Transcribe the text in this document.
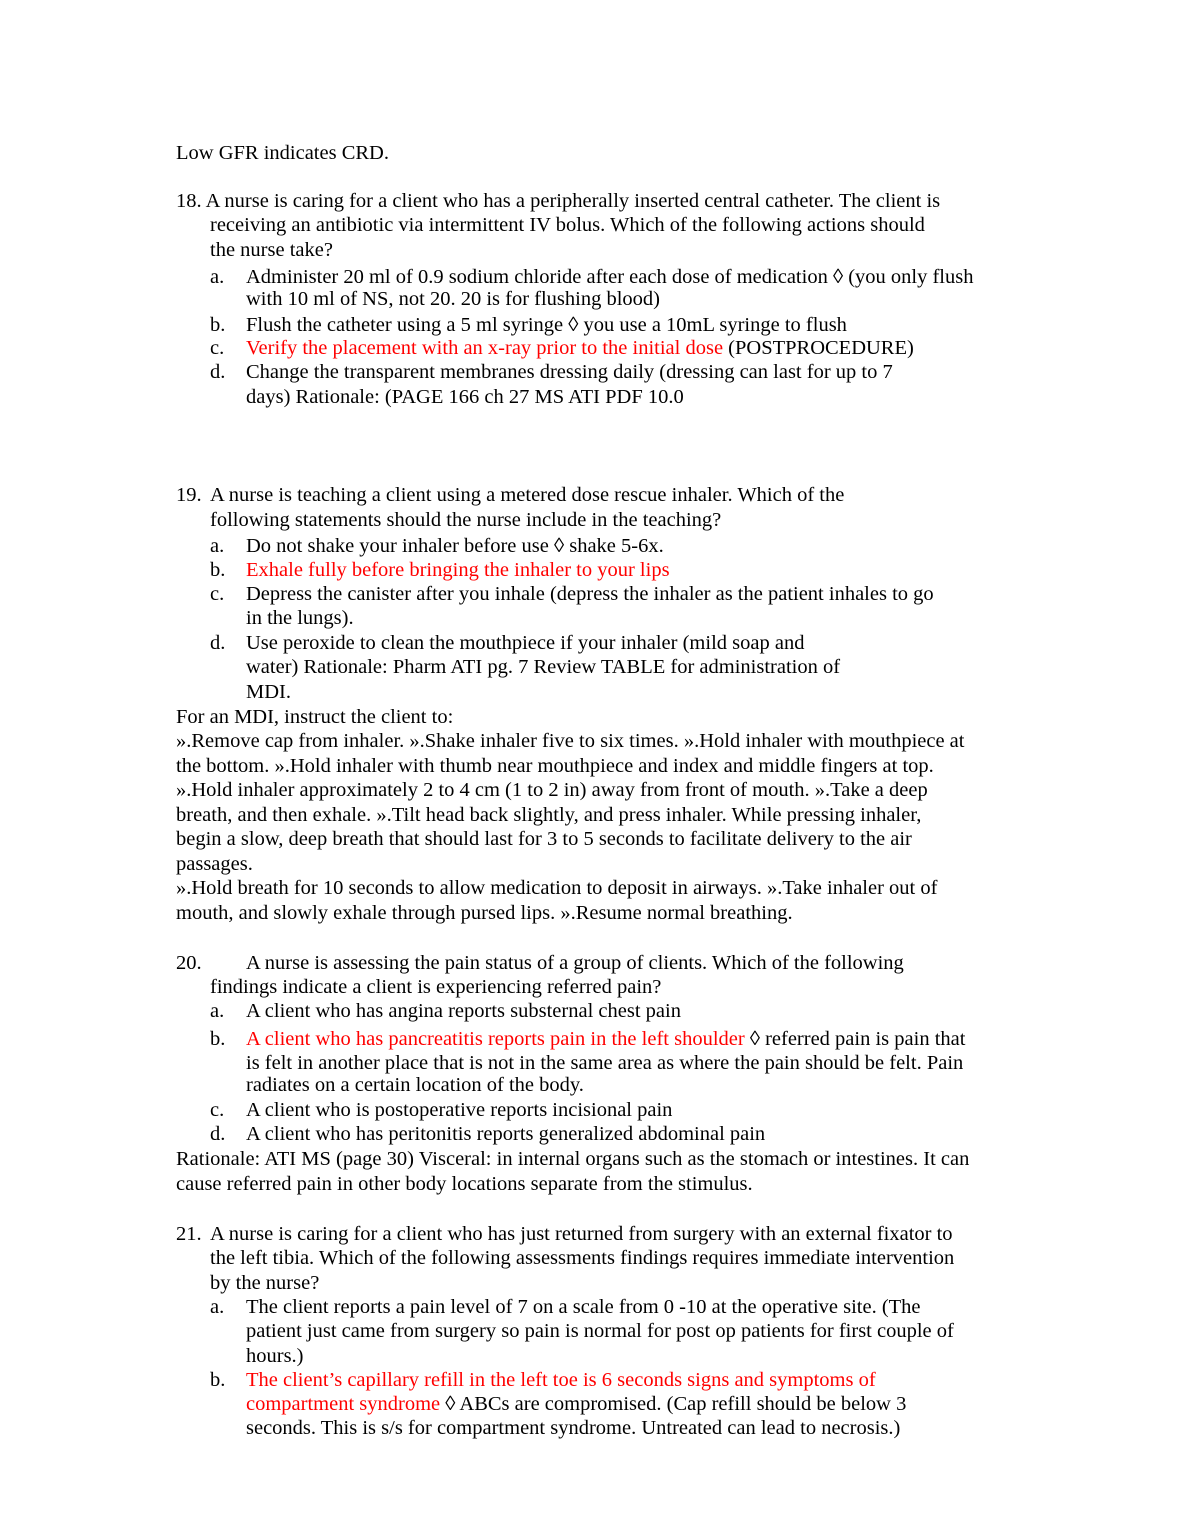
Low GFR indicates CRD.
18. A nurse is caring for a client who has a peripherally inserted central catheter. The client is
receiving an antibiotic via intermittent IV bolus. Which of the following actions should
the nurse take?
a. Administer 20 ml of 0.9 sodium chloride after each dose of medication ◊ (you only flush
with 10 ml of NS, not 20. 20 is for flushing blood)
b. Flush the catheter using a 5 ml syringe ◊ you use a 10mL syringe to flush
c. Verify the placement with an x-ray prior to the initial dose (POSTPROCEDURE)
d. Change the transparent membranes dressing daily (dressing can last for up to 7
days) Rationale: (PAGE 166 ch 27 MS ATI PDF 10.0
19. A nurse is teaching a client using a metered dose rescue inhaler. Which of the
following statements should the nurse include in the teaching?
a. Do not shake your inhaler before use ◊ shake 5-6x.
b. Exhale fully before bringing the inhaler to your lips
c. Depress the canister after you inhale (depress the inhaler as the patient inhales to go
in the lungs).
d. Use peroxide to clean the mouthpiece if your inhaler (mild soap and
water) Rationale: Pharm ATI pg. 7 Review TABLE for administration of
MDI.
For an MDI, instruct the client to:
».Remove cap from inhaler. ».Shake inhaler five to six times. ».Hold inhaler with mouthpiece at
the bottom. ».Hold inhaler with thumb near mouthpiece and index and middle fingers at top.
».Hold inhaler approximately 2 to 4 cm (1 to 2 in) away from front of mouth. ».Take a deep
breath, and then exhale. ».Tilt head back slightly, and press inhaler. While pressing inhaler,
begin a slow, deep breath that should last for 3 to 5 seconds to facilitate delivery to the air
passages.
».Hold breath for 10 seconds to allow medication to deposit in airways. ».Take inhaler out of
mouth, and slowly exhale through pursed lips. ».Resume normal breathing.
20. A nurse is assessing the pain status of a group of clients. Which of the following
findings indicate a client is experiencing referred pain?
a. A client who has angina reports substernal chest pain
b. A client who has pancreatitis reports pain in the left shoulder ◊ referred pain is pain that
is felt in another place that is not in the same area as where the pain should be felt. Pain
radiates on a certain location of the body.
c. A client who is postoperative reports incisional pain
d. A client who has peritonitis reports generalized abdominal pain
Rationale: ATI MS (page 30) Visceral: in internal organs such as the stomach or intestines. It can
cause referred pain in other body locations separate from the stimulus.
21. A nurse is caring for a client who has just returned from surgery with an external fixator to
the left tibia. Which of the following assessments findings requires immediate intervention
by the nurse?
a. The client reports a pain level of 7 on a scale from 0 -10 at the operative site. (The
patient just came from surgery so pain is normal for post op patients for first couple of
hours.)
b. The client’s capillary refill in the left toe is 6 seconds signs and symptoms of
compartment syndrome ◊ ABCs are compromised. (Cap refill should be below 3
seconds. This is s/s for compartment syndrome. Untreated can lead to necrosis.)
